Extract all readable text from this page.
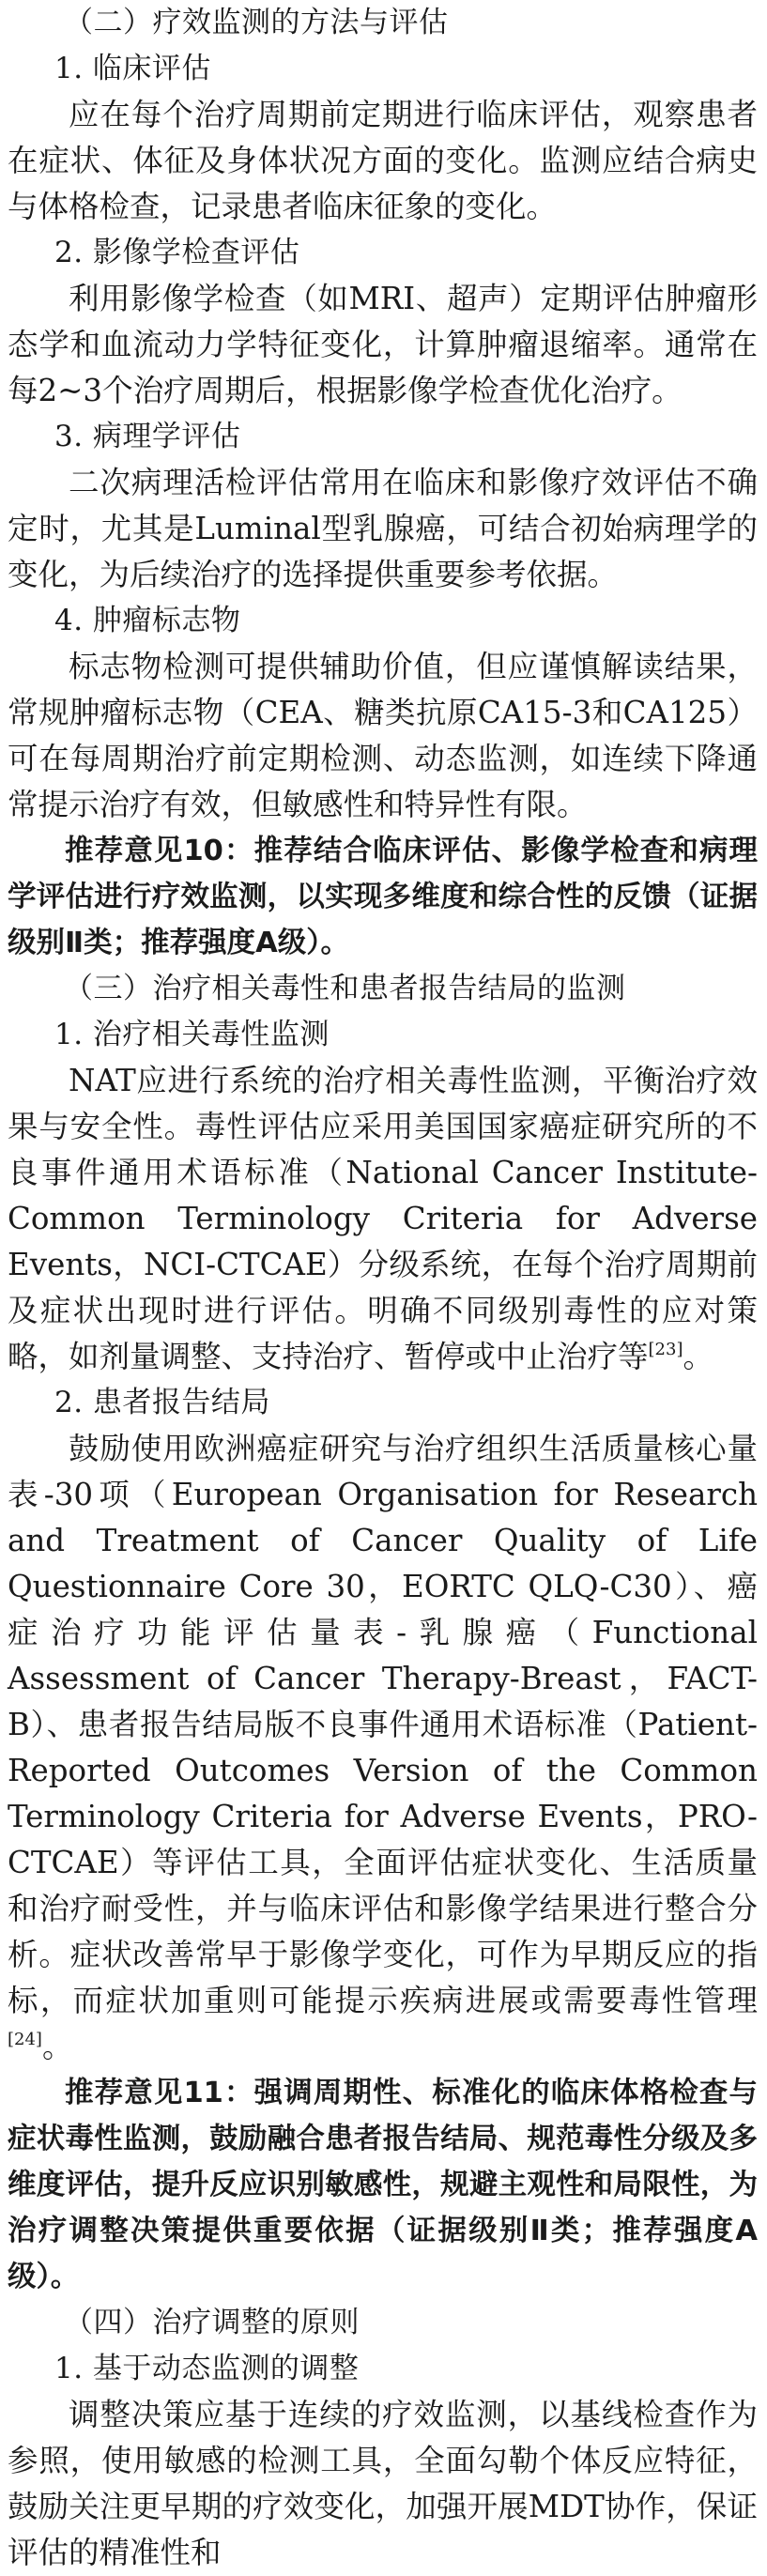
（二）疗效监测的方法与评估
1. 临床评估

应在每个治疗周期前定期进行临床评估，观察患者在症状、体征及身体状况方面的变化。监测应结合病史与体格检查，记录患者临床征象的变化。

2. 影像学检查评估

利用影像学检查（如MRI、超声）定期评估肿瘤形态学和血流动力学特征变化，计算肿瘤退缩率。通常在每2~3个治疗周期后，根据影像学检查优化治疗。

3. 病理学评估

二次病理活检评估常用在临床和影像疗效评估不确定时，尤其是Luminal型乳腺癌，可结合初始病理学的变化，为后续治疗的选择提供重要参考依据。

4. 肿瘤标志物

标志物检测可提供辅助价值，但应谨慎解读结果，常规肿瘤标志物（CEA、糖类抗原CA15-3和CA125）可在每周期治疗前定期检测、动态监测，如连续下降通常提示治疗有效，但敏感性和特异性有限。

推荐意见10：推荐结合临床评估、影像学检查和病理学评估进行疗效监测，以实现多维度和综合性的反馈（证据级别Ⅱ类；推荐强度A级）。

（三）治疗相关毒性和患者报告结局的监测
1. 治疗相关毒性监测

NAT应进行系统的治疗相关毒性监测，平衡治疗效果与安全性。毒性评估应采用美国国家癌症研究所的不良事件通用术语标准（National Cancer Institute-Common Terminology Criteria for Adverse Events，NCI-CTCAE）分级系统，在每个治疗周期前及症状出现时进行评估。明确不同级别毒性的应对策略，如剂量调整、支持治疗、暂停或中止治疗等[23]。

2. 患者报告结局

鼓励使用欧洲癌症研究与治疗组织生活质量核心量表-30项（European Organisation for Research and Treatment of Cancer Quality of Life Questionnaire Core 30，EORTC QLQ-C30）、癌症治疗功能评估量表-乳腺癌（Functional Assessment of Cancer Therapy-Breast，FACT-B）、患者报告结局版不良事件通用术语标准（Patient-Reported Outcomes Version of the Common Terminology Criteria for Adverse Events，PRO-CTCAE）等评估工具，全面评估症状变化、生活质量和治疗耐受性，并与临床评估和影像学结果进行整合分析。症状改善常早于影像学变化，可作为早期反应的指标，而症状加重则可能提示疾病进展或需要毒性管理[24]。

推荐意见11：强调周期性、标准化的临床体格检查与症状毒性监测，鼓励融合患者报告结局、规范毒性分级及多维度评估，提升反应识别敏感性，规避主观性和局限性，为治疗调整决策提供重要依据（证据级别Ⅱ类；推荐强度A级）。

（四）治疗调整的原则
1. 基于动态监测的调整

调整决策应基于连续的疗效监测，以基线检查作为参照，使用敏感的检测工具，全面勾勒个体反应特征，鼓励关注更早期的疗效变化，加强开展MDT协作，保证评估的精准性和
